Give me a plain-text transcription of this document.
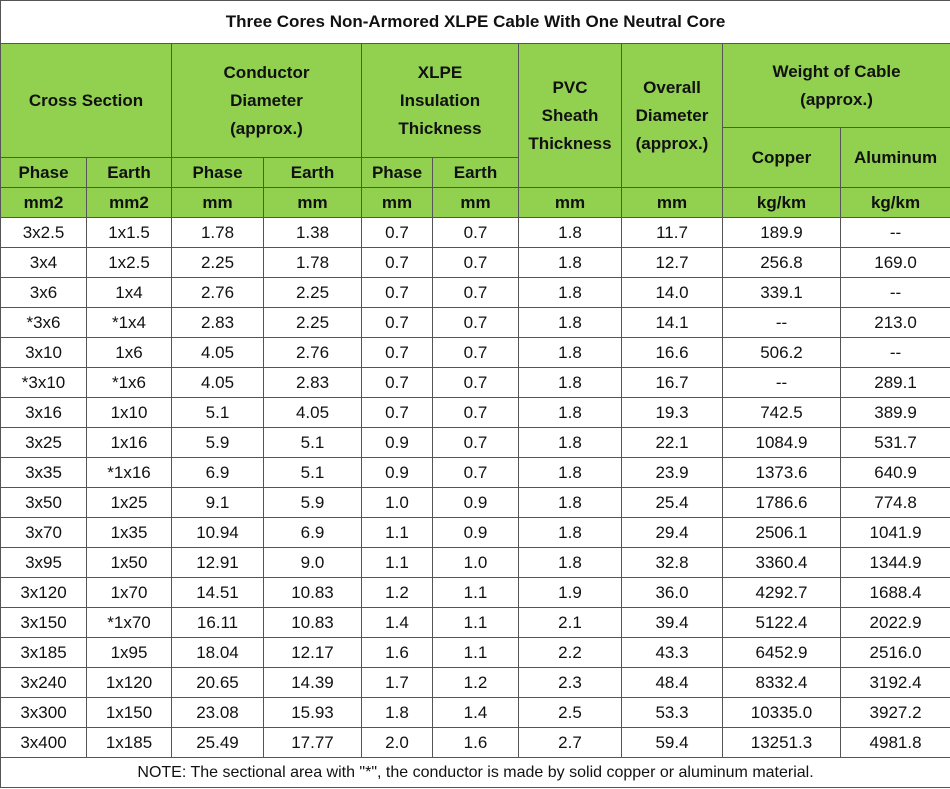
Three Cores Non-Armored XLPE Cable With One Neutral Core									
Cross Section		Conductor Diameter (approx.)		XLPE Insulation Thickness		PVC Sheath Thickness	Overall Diameter (approx.)	Weight of Cable (approx.)	
								Copper	Aluminum
Phase	Earth	Phase	Earth	Phase	Earth				
mm2	mm2	mm	mm	mm	mm	mm	mm	kg/km	kg/km
3x2.5	1x1.5	1.78	1.38	0.7	0.7	1.8	11.7	189.9	--
3x4	1x2.5	2.25	1.78	0.7	0.7	1.8	12.7	256.8	169.0
3x6	1x4	2.76	2.25	0.7	0.7	1.8	14.0	339.1	--
*3x6	*1x4	2.83	2.25	0.7	0.7	1.8	14.1	--	213.0
3x10	1x6	4.05	2.76	0.7	0.7	1.8	16.6	506.2	--
*3x10	*1x6	4.05	2.83	0.7	0.7	1.8	16.7	--	289.1
3x16	1x10	5.1	4.05	0.7	0.7	1.8	19.3	742.5	389.9
3x25	1x16	5.9	5.1	0.9	0.7	1.8	22.1	1084.9	531.7
3x35	*1x16	6.9	5.1	0.9	0.7	1.8	23.9	1373.6	640.9
3x50	1x25	9.1	5.9	1.0	0.9	1.8	25.4	1786.6	774.8
3x70	1x35	10.94	6.9	1.1	0.9	1.8	29.4	2506.1	1041.9
3x95	1x50	12.91	9.0	1.1	1.0	1.8	32.8	3360.4	1344.9
3x120	1x70	14.51	10.83	1.2	1.1	1.9	36.0	4292.7	1688.4
3x150	*1x70	16.11	10.83	1.4	1.1	2.1	39.4	5122.4	2022.9
3x185	1x95	18.04	12.17	1.6	1.1	2.2	43.3	6452.9	2516.0
3x240	1x120	20.65	14.39	1.7	1.2	2.3	48.4	8332.4	3192.4
3x300	1x150	23.08	15.93	1.8	1.4	2.5	53.3	10335.0	3927.2
3x400	1x185	25.49	17.77	2.0	1.6	2.7	59.4	13251.3	4981.8
NOTE: The sectional area with "*", the conductor is made by solid copper or aluminum material.									
